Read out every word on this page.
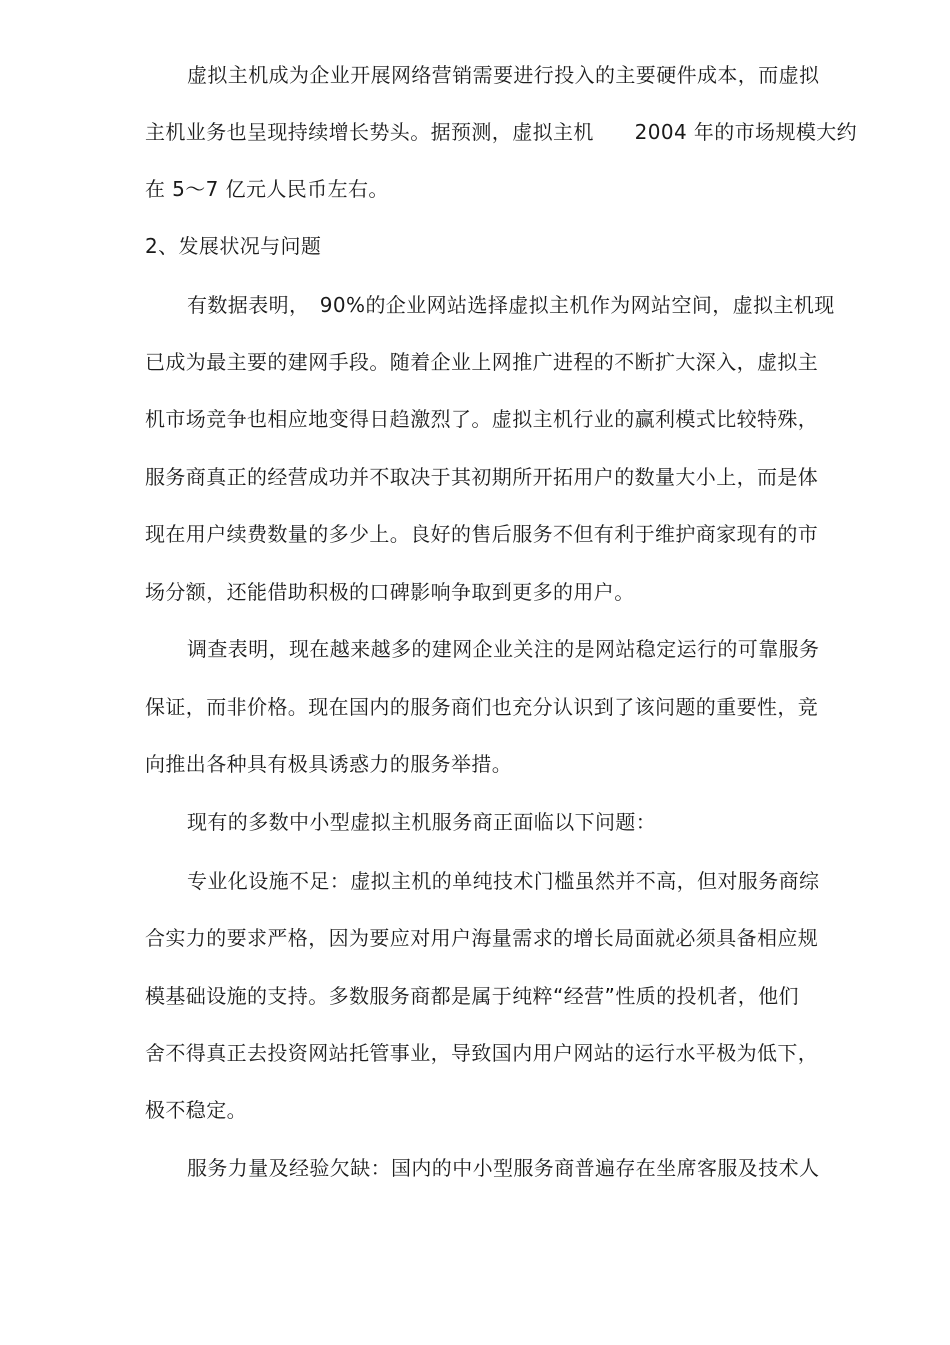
虚拟主机成为企业开展网络营销需要进行投入的主要硬件成本，而虚拟
主机业务也呈现持续增长势头。据预测，虚拟主机　　2004 年的市场规模大约
在 5～7 亿元人民币左右。
2、发展状况与问题
有数据表明，　90%的企业网站选择虚拟主机作为网站空间，虚拟主机现
已成为最主要的建网手段。随着企业上网推广进程的不断扩大深入，虚拟主
机市场竞争也相应地变得日趋激烈了。虚拟主机行业的赢利模式比较特殊，
服务商真正的经营成功并不取决于其初期所开拓用户的数量大小上，而是体
现在用户续费数量的多少上。良好的售后服务不但有利于维护商家现有的市
场分额，还能借助积极的口碑影响争取到更多的用户。
调查表明，现在越来越多的建网企业关注的是网站稳定运行的可靠服务
保证，而非价格。现在国内的服务商们也充分认识到了该问题的重要性，竞
向推出各种具有极具诱惑力的服务举措。
现有的多数中小型虚拟主机服务商正面临以下问题：
专业化设施不足：虚拟主机的单纯技术门槛虽然并不高，但对服务商综
合实力的要求严格，因为要应对用户海量需求的增长局面就必须具备相应规
模基础设施的支持。多数服务商都是属于纯粹“经营”性质的投机者，他们
舍不得真正去投资网站托管事业，导致国内用户网站的运行水平极为低下，
极不稳定。
服务力量及经验欠缺：国内的中小型服务商普遍存在坐席客服及技术人
